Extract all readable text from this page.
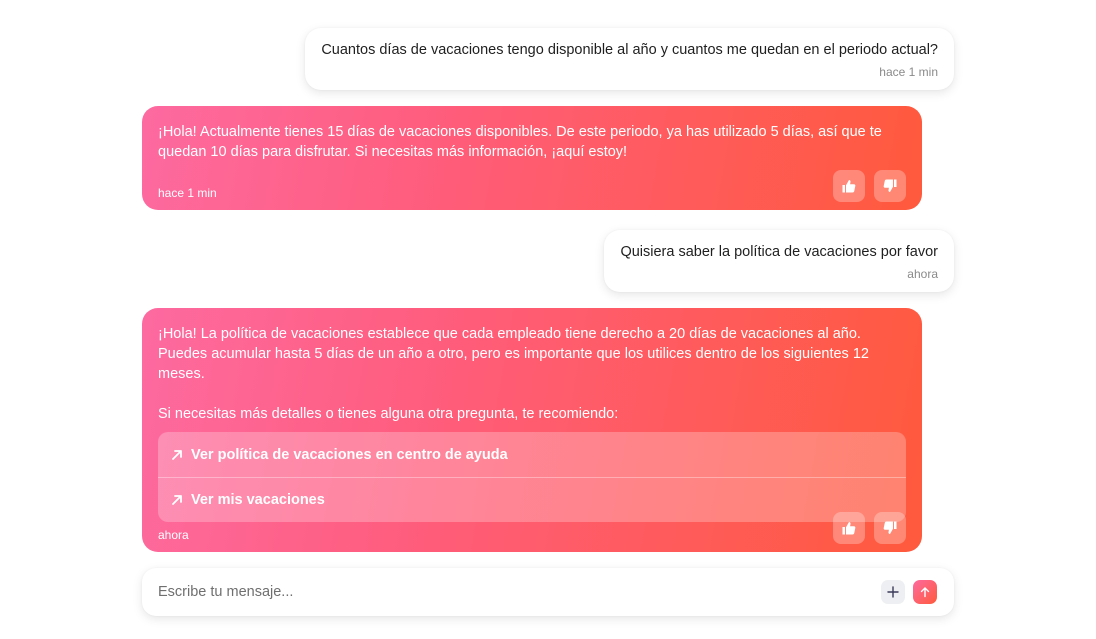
Cuantos días de vacaciones tengo disponible al año y cuantos me quedan en el periodo actual?
hace 1 min
¡Hola! Actualmente tienes 15 días de vacaciones disponibles. De este periodo, ya has utilizado 5 días, así que te quedan 10 días para disfrutar. Si necesitas más información, ¡aquí estoy!
hace 1 min
Quisiera saber la política de vacaciones por favor
ahora
¡Hola! La política de vacaciones establece que cada empleado tiene derecho a 20 días de vacaciones al año. Puedes acumular hasta 5 días de un año a otro, pero es importante que los utilices dentro de los siguientes 12 meses.
Si necesitas más detalles o tienes alguna otra pregunta, te recomiendo:
Ver política de vacaciones en centro de ayuda
Ver mis vacaciones
ahora
Escribe tu mensaje...
